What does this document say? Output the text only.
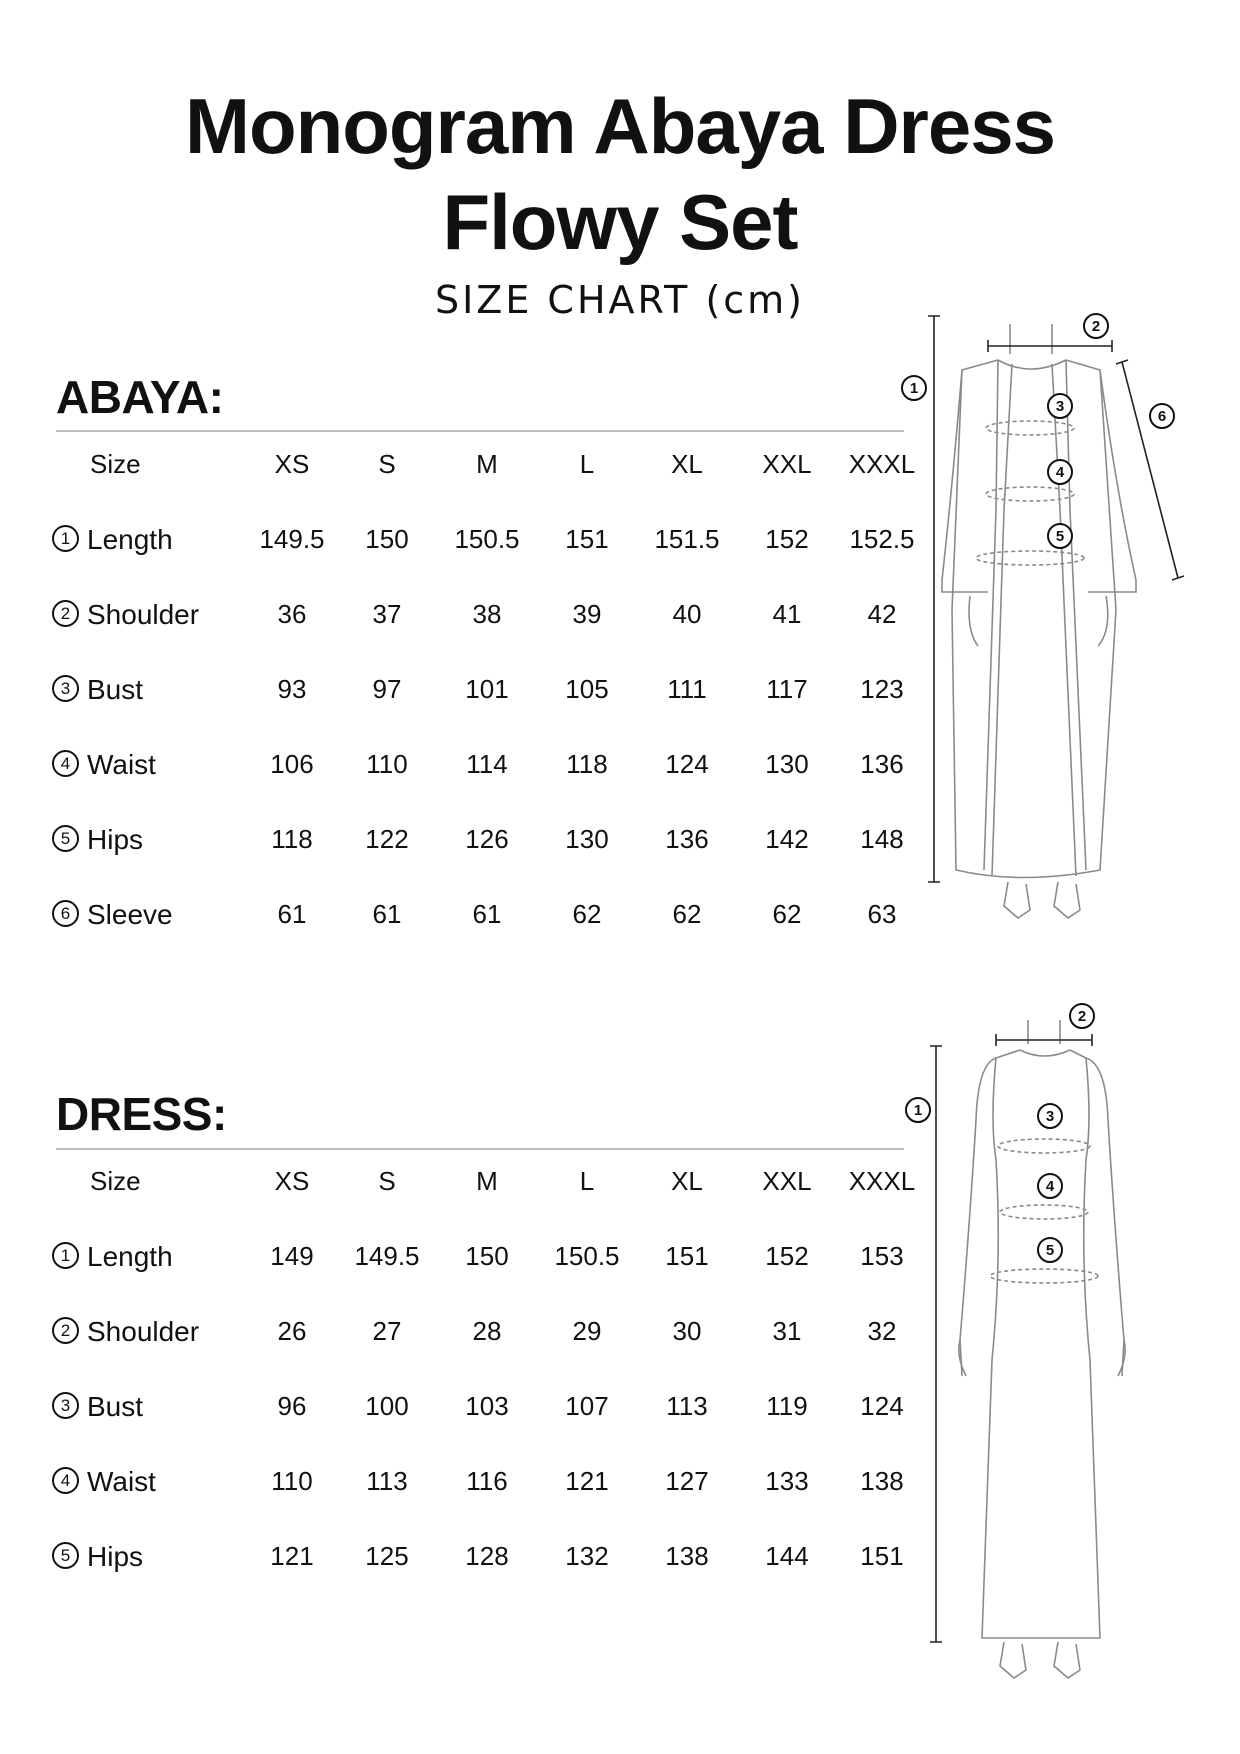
Monogram Abaya Dress
Flowy Set
SIZE CHART (cm)
ABAYA:
Size	XS	S	M	L	XL	XXL	XXXL
1 Length	149.5	150	150.5	151	151.5	152	152.5
2 Shoulder	36	37	38	39	40	41	42
3 Bust	93	97	101	105	111	117	123
4 Waist	106	110	114	118	124	130	136
5 Hips	118	122	126	130	136	142	148
6 Sleeve	61	61	61	62	62	62	63
DRESS:
Size	XS	S	M	L	XL	XXL	XXXL
1 Length	149	149.5	150	150.5	151	152	153
2 Shoulder	26	27	28	29	30	31	32
3 Bust	96	100	103	107	113	119	124
4 Waist	110	113	116	121	127	133	138
5 Hips	121	125	128	132	138	144	151
1
2
3
4
5
6
1
2
3
4
5
